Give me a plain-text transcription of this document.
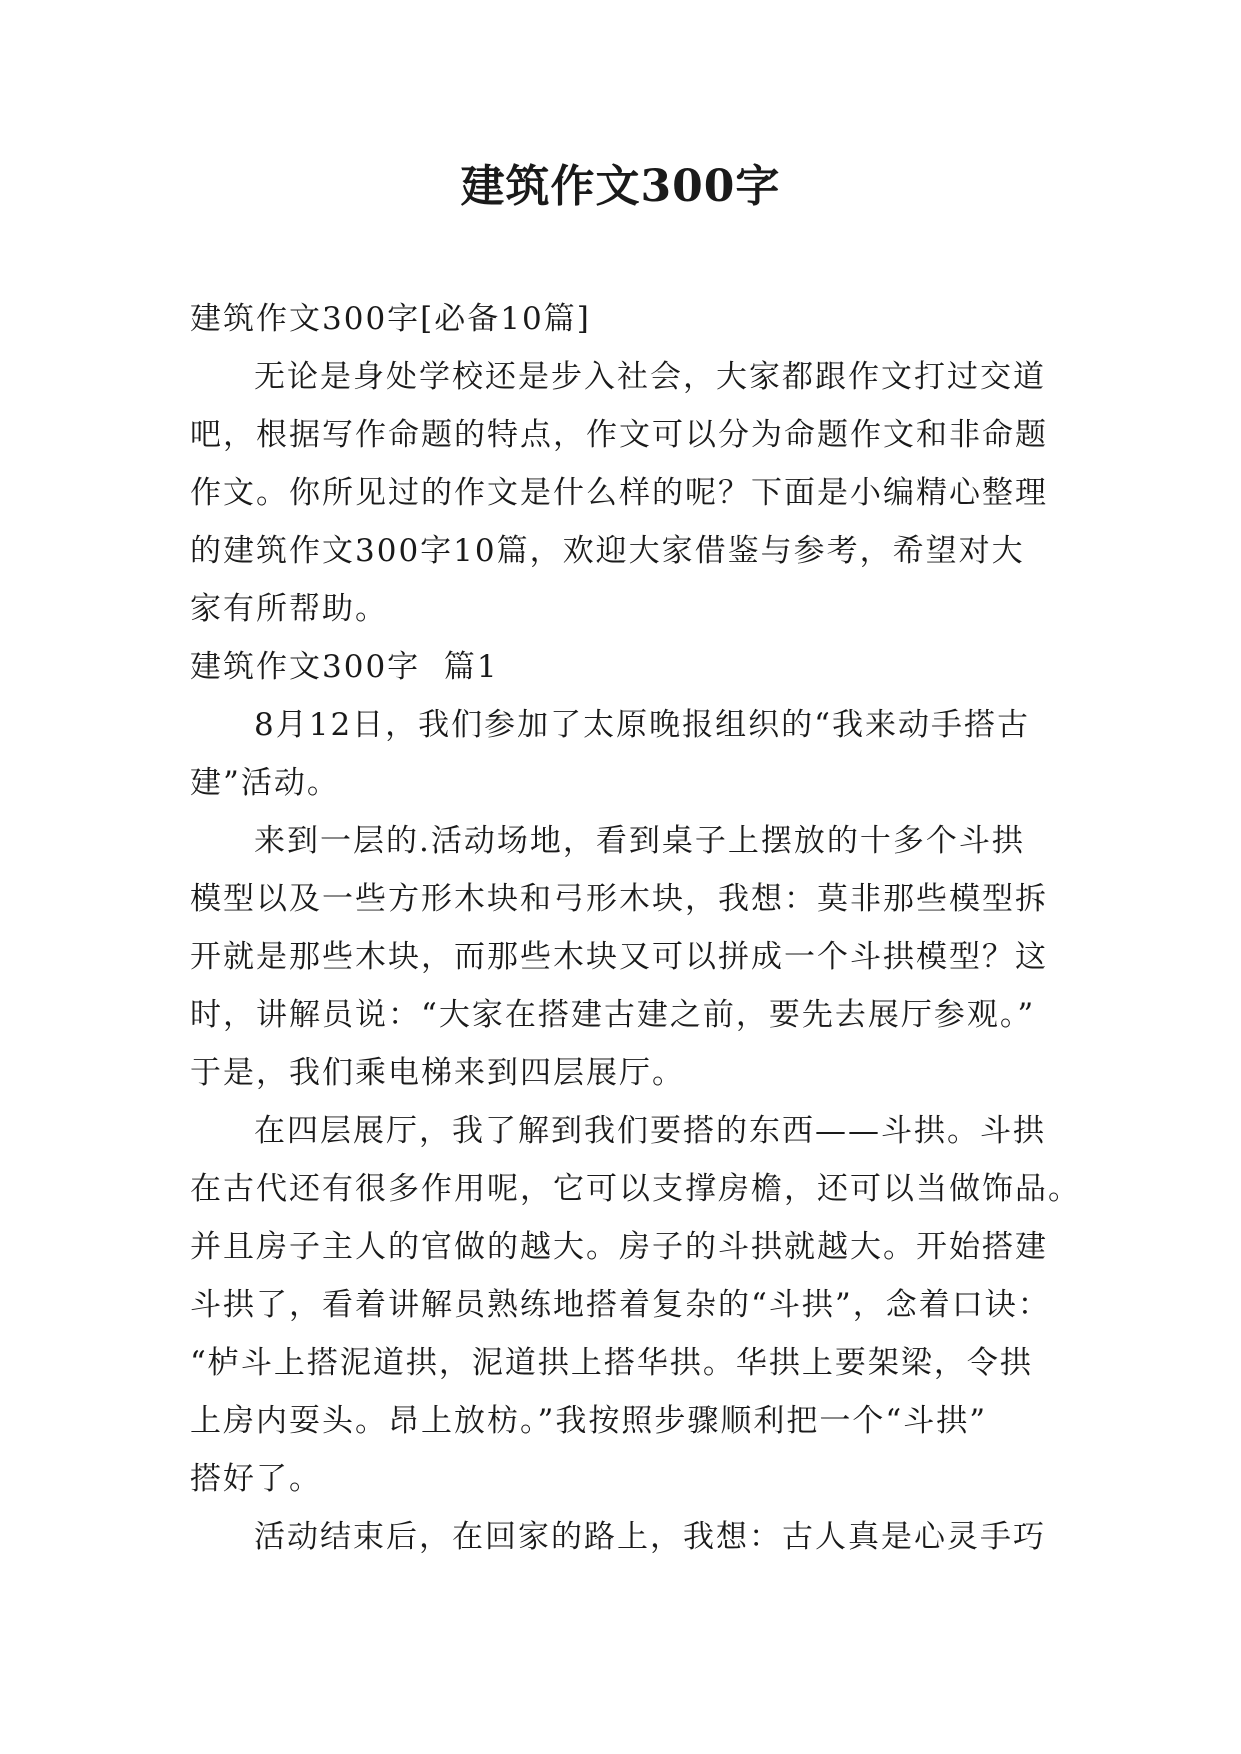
建筑作文300字
建筑作文300字[必备10篇]
无论是身处学校还是步入社会，大家都跟作文打过交道
吧，根据写作命题的特点，作文可以分为命题作文和非命题
作文。你所见过的作文是什么样的呢？下面是小编精心整理
的建筑作文300字10篇，欢迎大家借鉴与参考，希望对大
家有所帮助。
建筑作文300字  篇1
8月12日，我们参加了太原晚报组织的“我来动手搭古
建”活动。
来到一层的.活动场地，看到桌子上摆放的十多个斗拱
模型以及一些方形木块和弓形木块，我想：莫非那些模型拆
开就是那些木块，而那些木块又可以拼成一个斗拱模型？这
时，讲解员说：“大家在搭建古建之前，要先去展厅参观。”
于是，我们乘电梯来到四层展厅。
在四层展厅，我了解到我们要搭的东西——斗拱。斗拱
在古代还有很多作用呢，它可以支撑房檐，还可以当做饰品。
并且房子主人的官做的越大。房子的斗拱就越大。开始搭建
斗拱了，看着讲解员熟练地搭着复杂的“斗拱”，念着口诀：
“栌斗上搭泥道拱，泥道拱上搭华拱。华拱上要架梁，令拱
上房内耍头。昂上放枋。”我按照步骤顺利把一个“斗拱”
搭好了。
活动结束后，在回家的路上，我想：古人真是心灵手巧
